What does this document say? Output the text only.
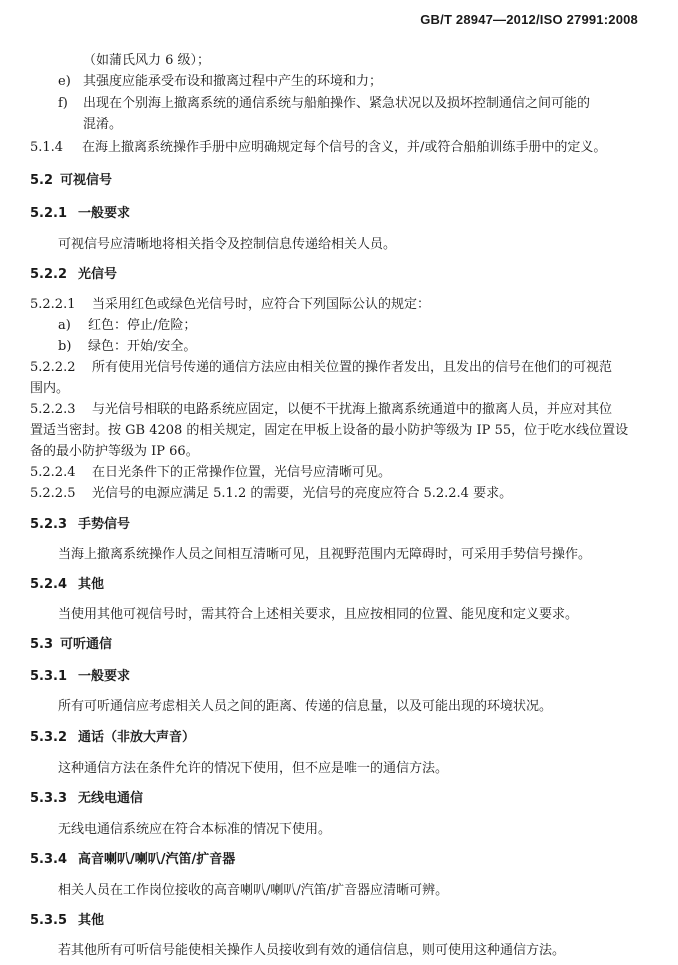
GB/T 28947—2012/ISO 27991:2008
（如蒲氏风力 6 级）；
e) 其强度应能承受布设和撤离过程中产生的环境和力；
f) 出现在个别海上撤离系统的通信系统与船舶操作、紧急状况以及损坏控制通信之间可能的
混淆。
5.1.4 在海上撤离系统操作手册中应明确规定每个信号的含义，并/或符合船舶训练手册中的定义。
5.2 可视信号
5.2.1 一般要求
可视信号应清晰地将相关指令及控制信息传递给相关人员。
5.2.2 光信号
5.2.2.1 当采用红色或绿色光信号时，应符合下列国际公认的规定：
a) 红色：停止/危险；
b) 绿色：开始/安全。
5.2.2.2 所有使用光信号传递的通信方法应由相关位置的操作者发出，且发出的信号在他们的可视范
围内。
5.2.2.3 与光信号相联的电路系统应固定，以便不干扰海上撤离系统通道中的撤离人员，并应对其位
置适当密封。按 GB 4208 的相关规定，固定在甲板上设备的最小防护等级为 IP 55，位于吃水线位置设
备的最小防护等级为 IP 66。
5.2.2.4 在日光条件下的正常操作位置，光信号应清晰可见。
5.2.2.5 光信号的电源应满足 5.1.2 的需要，光信号的亮度应符合 5.2.2.4 要求。
5.2.3 手势信号
当海上撤离系统操作人员之间相互清晰可见，且视野范围内无障碍时，可采用手势信号操作。
5.2.4 其他
当使用其他可视信号时，需其符合上述相关要求，且应按相同的位置、能见度和定义要求。
5.3 可听通信
5.3.1 一般要求
所有可听通信应考虑相关人员之间的距离、传递的信息量，以及可能出现的环境状况。
5.3.2 通话（非放大声音）
这种通信方法在条件允许的情况下使用，但不应是唯一的通信方法。
5.3.3 无线电通信
无线电通信系统应在符合本标准的情况下使用。
5.3.4 高音喇叭/喇叭/汽笛/扩音器
相关人员在工作岗位接收的高音喇叭/喇叭/汽笛/扩音器应清晰可辨。
5.3.5 其他
若其他所有可听信号能使相关操作人员接收到有效的通信信息，则可使用这种通信方法。
